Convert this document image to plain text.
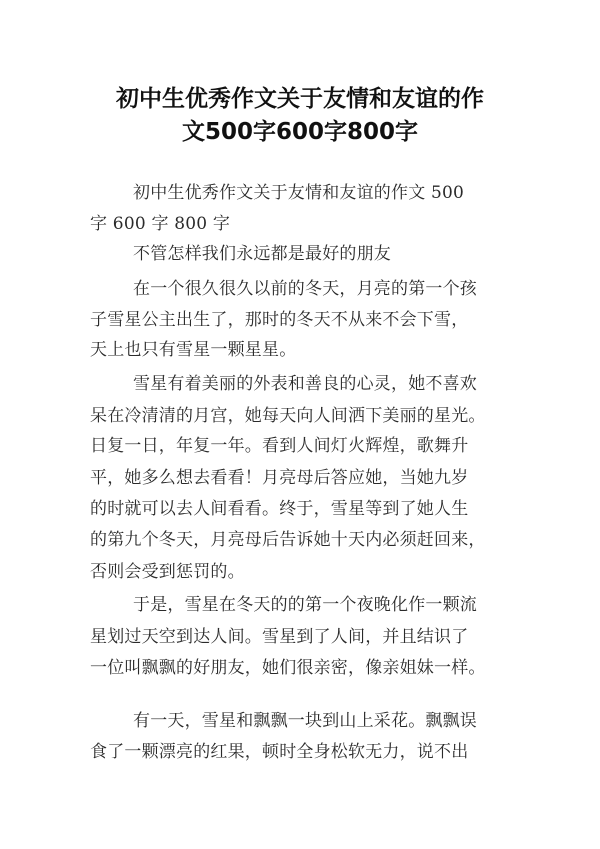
初中生优秀作文关于友情和友谊的作
文500字600字800字
初中生优秀作文关于友情和友谊的作文 500
字 600 字 800 字
不管怎样我们永远都是最好的朋友
在一个很久很久以前的冬天，月亮的第一个孩
子雪星公主出生了，那时的冬天不从来不会下雪，
天上也只有雪星一颗星星。
雪星有着美丽的外表和善良的心灵，她不喜欢
呆在冷清清的月宫，她每天向人间洒下美丽的星光。
日复一日，年复一年。看到人间灯火辉煌，歌舞升
平，她多么想去看看！月亮母后答应她，当她九岁
的时就可以去人间看看。终于，雪星等到了她人生
的第九个冬天，月亮母后告诉她十天内必须赶回来，
否则会受到惩罚的。
于是，雪星在冬天的的第一个夜晚化作一颗流
星划过天空到达人间。雪星到了人间，并且结识了
一位叫飘飘的好朋友，她们很亲密，像亲姐妹一样。
有一天，雪星和飘飘一块到山上采花。飘飘误
食了一颗漂亮的红果，顿时全身松软无力，说不出
